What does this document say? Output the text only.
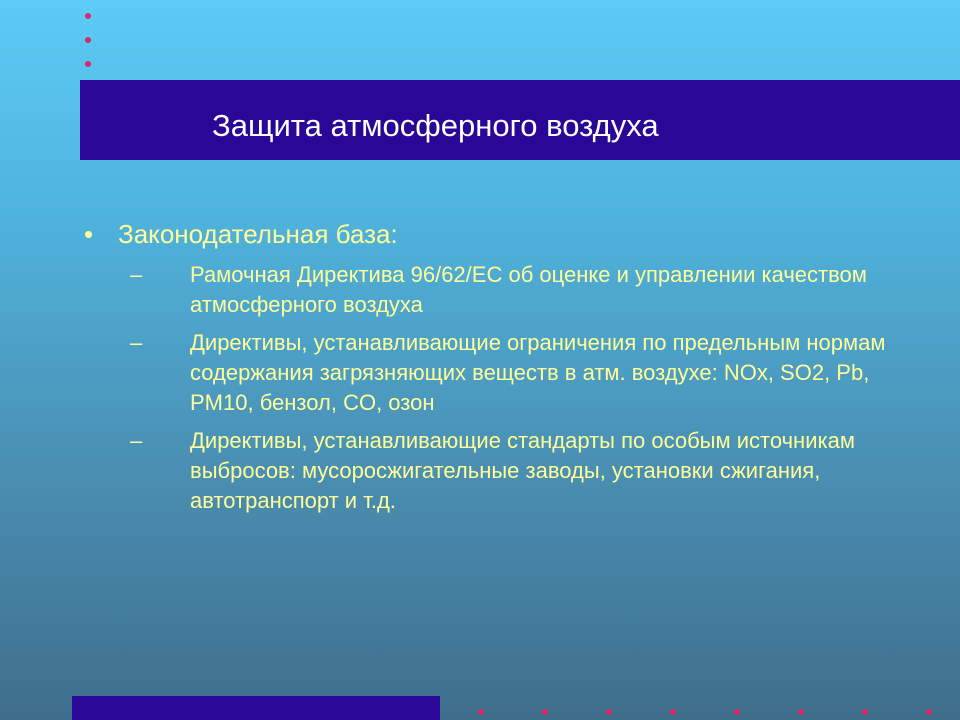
Защита атмосферного воздуха
• Законодательная база:
– Рамочная Директива 96/62/ЕС об оценке и управлении качеством атмосферного воздуха
– Директивы, устанавливающие ограничения по предельным нормам содержания загрязняющих веществ в атм. воздухе: NOx, SO2, Pb, PM10, бензол, CO, озон
– Директивы, устанавливающие стандарты по особым источникам выбросов: мусоросжигательные заводы, установки сжигания, автотранспорт и т.д.
